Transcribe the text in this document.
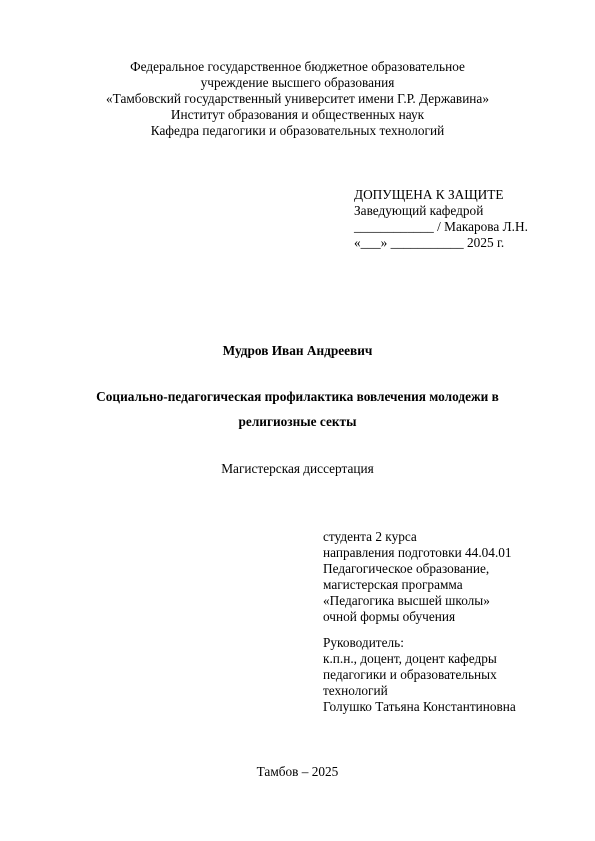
Федеральное государственное бюджетное образовательное
учреждение высшего образования
«Тамбовский государственный университет имени Г.Р. Державина»
Институт образования и общественных наук
Кафедра педагогики и образовательных технологий
ДОПУЩЕНА К ЗАЩИТЕ
Заведующий кафедрой
____________ / Макарова Л.Н.
«___» ___________ 2025 г.
Мудров Иван Андреевич
Социально-педагогическая профилактика вовлечения молодежи в
религиозные секты
Магистерская диссертация
студента 2 курса
направления подготовки 44.04.01
Педагогическое образование,
магистерская программа
«Педагогика высшей школы»
очной формы обучения
Руководитель:
к.п.н., доцент, доцент кафедры
педагогики и образовательных
технологий
Голушко Татьяна Константиновна
Тамбов – 2025
